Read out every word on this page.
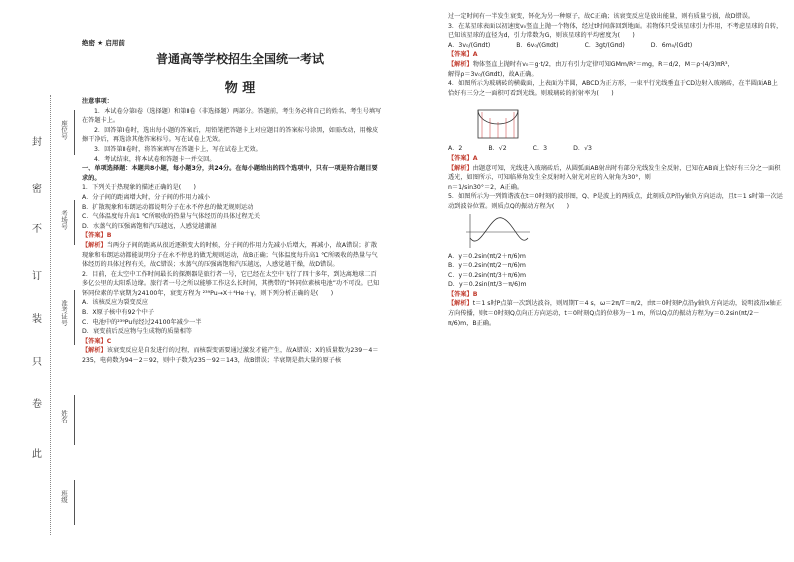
封
密
不
订
装
只
卷
此
座位号
考场号
准考证号
姓名
班级
绝密 ★ 启用前
普通高等学校招生全国统一考试
物 理

注意事项：

1．本试卷分第Ⅰ卷（选择题）和第Ⅱ卷（非选择题）两部分。答题前，考生务必将自己的姓名、考生号填写在答题卡上。

2．回答第Ⅰ卷时，选出每小题的答案后，用铅笔把答题卡上对应题目的答案标号涂黑，如需改动，用橡皮擦干净后，再选涂其他答案标号。写在试卷上无效。

3．回答第Ⅱ卷时，将答案填写在答题卡上，写在试卷上无效。

4．考试结束，将本试卷和答题卡一并交回。

一、单项选择题：本题共8小题，每小题3分，共24分。在每小题给出的四个选项中，只有一项是符合题目要求的。

1．下列关于热现象的描述正确的是(　　)

A．分子间的距离增大时，分子间的作用力减小

B．扩散现象和布朗运动都说明分子在永不停息的做无规则运动

C．气体温度每升高1 ℃所吸收的热量与气体经历的具体过程无关

D．水蒸气的压强离饱和汽压越远，人感觉越潮湿

【答案】B

【解析】当两分子间的距离从很近逐渐变大的时候，分子间的作用力先减小后增大，再减小，故A错误；扩散现象和布朗运动都能说明分子在永不停息的做无规则运动，故B正确；气体温度每升高1 ℃所吸收的热量与气体经历的具体过程有关，故C错误；水蒸气的压强离饱和汽压越远，人感觉越干燥，故D错误。

2．目前，在太空中工作时间最长的探测器是旅行者一号，它已经在太空中飞行了四十多年，到达离地球二百多亿公里的太阳系边缘。旅行者一号之所以能够工作这么长时间，其携带的“钚同位素核电池”功不可没。已知钚同位素的半衰期为24100年，衰变方程为 ²³⁹Pu→X＋⁴He＋γ，则下列分析正确的是(　　)

A．该核反应为裂变反应

B．X原子核中有92个中子

C．电池中的²³⁹Pu每经过24100年减少一半

D．衰变前后反应物与生成物的质量相等

【答案】C

【解析】该衰变反应是自发进行的过程，而核裂变需要通过激发才能产生，故A错误；X的质量数为239－4＝235，电荷数为94－2＝92，则中子数为235－92＝143，故B错误；半衰期是指大量的原子核

过一定时间有一半发生衰变，钚化为另一种原子，故C正确；该衰变反应是放出能量，则有质量亏损，故D错误。

3．在某星球表面以初速度v₀竖直上抛一个物体，经过t时间落回到地面。若物体只受该星球引力作用，不考虑星球的自转，已知该星球的直径为d，引力常数为G，则该星球的平均密度为(　　)

A．3v₀/(Gπdt)	B．6v₀/(Gπdt)	C．3gt/(Gπd)	D．6m₀/(Gdt)

【答案】A

【解析】物体竖直上抛时有v₀＝g·t/2，由万有引力定律可知GMm/R²＝mg，R＝d/2，M＝ρ·(4/3)πR³，

解得ρ＝3v₀/(Gπdt)，故A正确。

4．如图所示为玻璃砖的横截面，上表面为半圆，ABCD为正方形，一束平行光线垂直于CD边射入玻璃砖，在半圆面AB上恰好有三分之一面积可看到光线。则玻璃砖的折射率为(　　)

A．2	B．√2	C．3	D．√3

【答案】A

【解析】由题意可知，光线进入玻璃砖后，从圆弧面AB射出时有部分光线发生全反射，已知在AB面上恰好有三分之一面积透光，如图所示，可知临界角发生全反射时入射光对应的入射角为30°，则

n＝1/sin30°＝2，A正确。

5．如图所示为一列简谐波在t＝0时刻的波形图，Q、P是波上的两质点，此刻质点P沿y轴负方向运动，且t＝1 s时第一次运动到波谷位置。则质点Q的振动方程为(　　)

A．y＝0.2sin(πt/2＋π/6)m

B．y＝0.2sin(πt/2－π/6)m

C．y＝0.2sin(πt/3＋π/6)m

D．y＝0.2sin(πt/3－π/6)m

【答案】B

【解析】t＝1 s时P点第一次到达波谷，则周期T＝4 s，ω＝2π/T＝π/2，由t＝0时刻P点沿y轴负方向运动，说明波沿x轴正方向传播，则t＝0时刻Q点向正方向运动，t＝0时刻Q点的位移为－1 m，所以Q点的振动方程为y＝0.2sin(πt/2－π/6)m，B正确。
